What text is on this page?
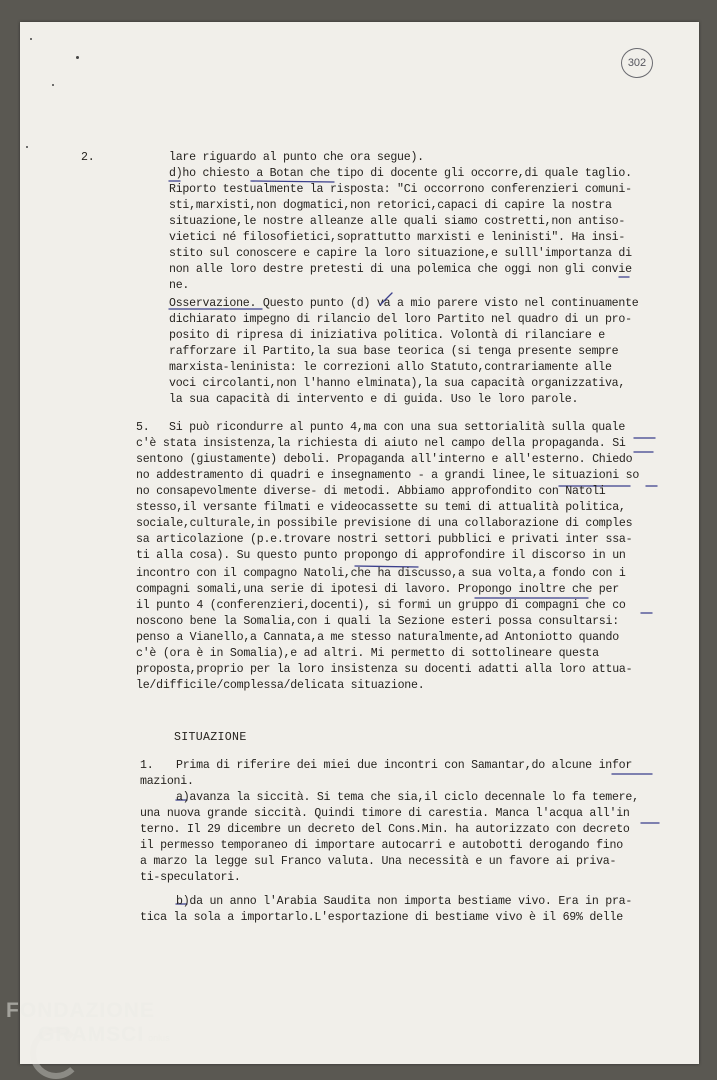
302
2.	lare riguardo al punto che ora segue).
d)ho chiesto a Botan che tipo di docente gli occorre,di quale taglio.
Riporto testualmente la risposta: "Ci occorrono conferenzieri comuni-
sti,marxisti,non dogmatici,non retorici,capaci di capire la nostra
situazione,le nostre alleanze alle quali siamo costretti,non antiso-
vietici né filosofietici,soprattutto marxisti e leninisti". Ha insi-
stito sul conoscere e capire la loro situazione,e sulll'importanza di
non alle loro destre pretesti di una polemica che oggi non gli convie
ne.
Osservazione. Questo punto (d) va a mio parere visto nel continuamente
dichiarato impegno di rilancio del loro Partito nel quadro di un pro-
posito di ripresa di iniziativa politica. Volontà di rilanciare e
rafforzare il Partito,la sua base teorica (si tenga presente sempre
marxista-leninista: le correzioni allo Statuto,contrariamente alle
voci circolanti,non l'hanno elminata),la sua capacità organizzativa,
la sua capacità di intervento e di guida. Uso le loro parole.
5. Si può ricondurre al punto 4,ma con una sua settorialità sulla quale
c'è stata insistenza,la richiesta di aiuto nel campo della propaganda. Si
sentono (giustamente) deboli. Propaganda all'interno e all'esterno. Chiedo
no addestramento di quadri e insegnamento - a grandi linee,le situazioni so
no consapevolmente diverse- di metodi. Abbiamo approfondito con Natoli
stesso,il versante filmati e videocassette su temi di attualità politica,
sociale,culturale,in possibile previsione di una collaborazione di comples
sa articolazione (p.e.trovare nostri settori pubblici e privati inter ssa-
ti alla cosa). Su questo punto propongo di approfondire il discorso in un
incontro con il compagno Natoli,che ha discusso,a sua volta,a fondo con i
compagni somali,una serie di ipotesi di lavoro. Propongo inoltre che per
il punto 4 (conferenzieri,docenti), si formi un gruppo di compagni che co
noscono bene la Somalia,con i quali la Sezione esteri possa consultarsi:
penso a Vianello,a Cannata,a me stesso naturalmente,ad Antoniotto quando
c'è (ora è in Somalia),e ad altri. Mi permetto di sottolineare questa
proposta,proprio per la loro insistenza su docenti adatti alla loro attua-
le/difficile/complessa/delicata situazione.
SITUAZIONE
1. Prima di riferire dei miei due incontri con Samantar,do alcune infor
mazioni.
a)avanza la siccità. Si tema che sia,il ciclo decennale lo fa temere,
una nuova grande siccità. Quindi timore di carestia. Manca l'acqua all'in
terno. Il 29 dicembre un decreto del Cons.Min. ha autorizzato con decreto
il permesso temporaneo di importare autocarri e autobotti derogando fino
a marzo la legge sul Franco valuta. Una necessità e un favore ai priva-
ti-speculatori.
b)da un anno l'Arabia Saudita non importa bestiame vivo. Era in pra-
tica la sola a importarlo.L'esportazione di bestiame vivo è il 69% delle
FONDAZIONE
GRAMSCI onlus
